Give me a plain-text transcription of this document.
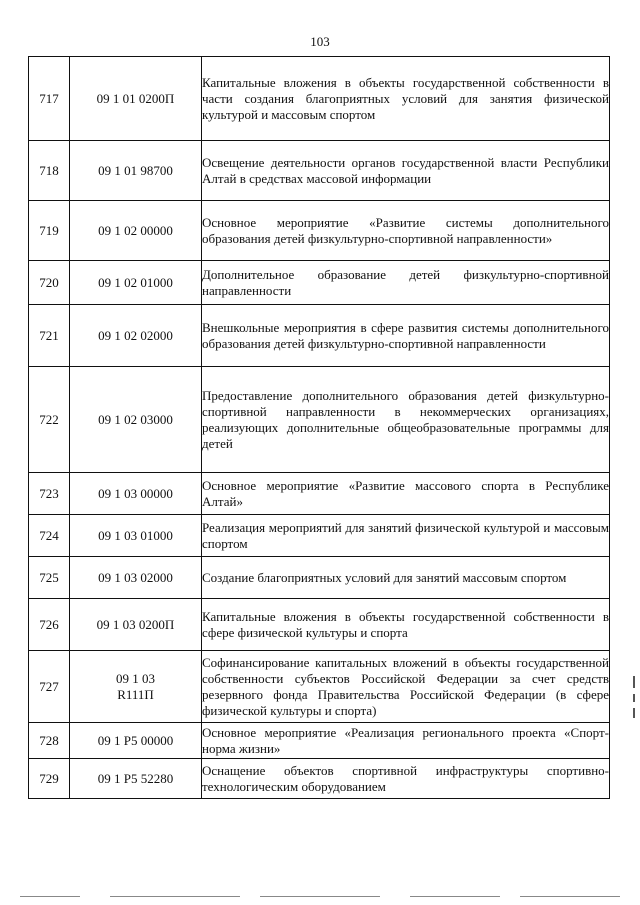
103
717	09 1 01 0200П	Капитальные вложения в объекты государственной собственности в части создания благоприятных условий для занятия физической культурой и массовым спортом

718	09 1 01 98700	Освещение деятельности органов государственной власти Республики Алтай в средствах массовой информации

719	09 1 02 00000	Основное мероприятие «Развитие системы дополнительного образования детей физкультурно-спортивной направленности»

720	09 1 02 01000	Дополнительное образование детей физкультурно-спортивной направленности

721	09 1 02 02000	Внешкольные мероприятия в сфере развития системы дополнительного образования детей физкультурно-спортивной направленности

722	09 1 02 03000	Предоставление дополнительного образования детей физкультурно-спортивной направленности в некоммерческих организациях, реализующих дополнительные общеобразовательные программы для детей

723	09 1 03 00000	Основное мероприятие «Развитие массового спорта в Республике Алтай»

724	09 1 03 01000	Реализация мероприятий для занятий физической культурой и массовым спортом

725	09 1 03 02000	Создание благоприятных условий для занятий массовым спортом

726	09 1 03 0200П	Капитальные вложения в объекты государственной собственности в сфере физической культуры и спорта

727	09 1 03
R111П	Софинансирование капитальных вложений в объекты государственной собственности субъектов Российской Федерации за счет средств резервного фонда Правительства Российской Федерации (в сфере физической культуры и спорта)

728	09 1 P5 00000	Основное мероприятие «Реализация регионального проекта «Спорт-норма жизни»

729	09 1 P5 52280	Оснащение объектов спортивной инфраструктуры спортивно-технологическим оборудованием
